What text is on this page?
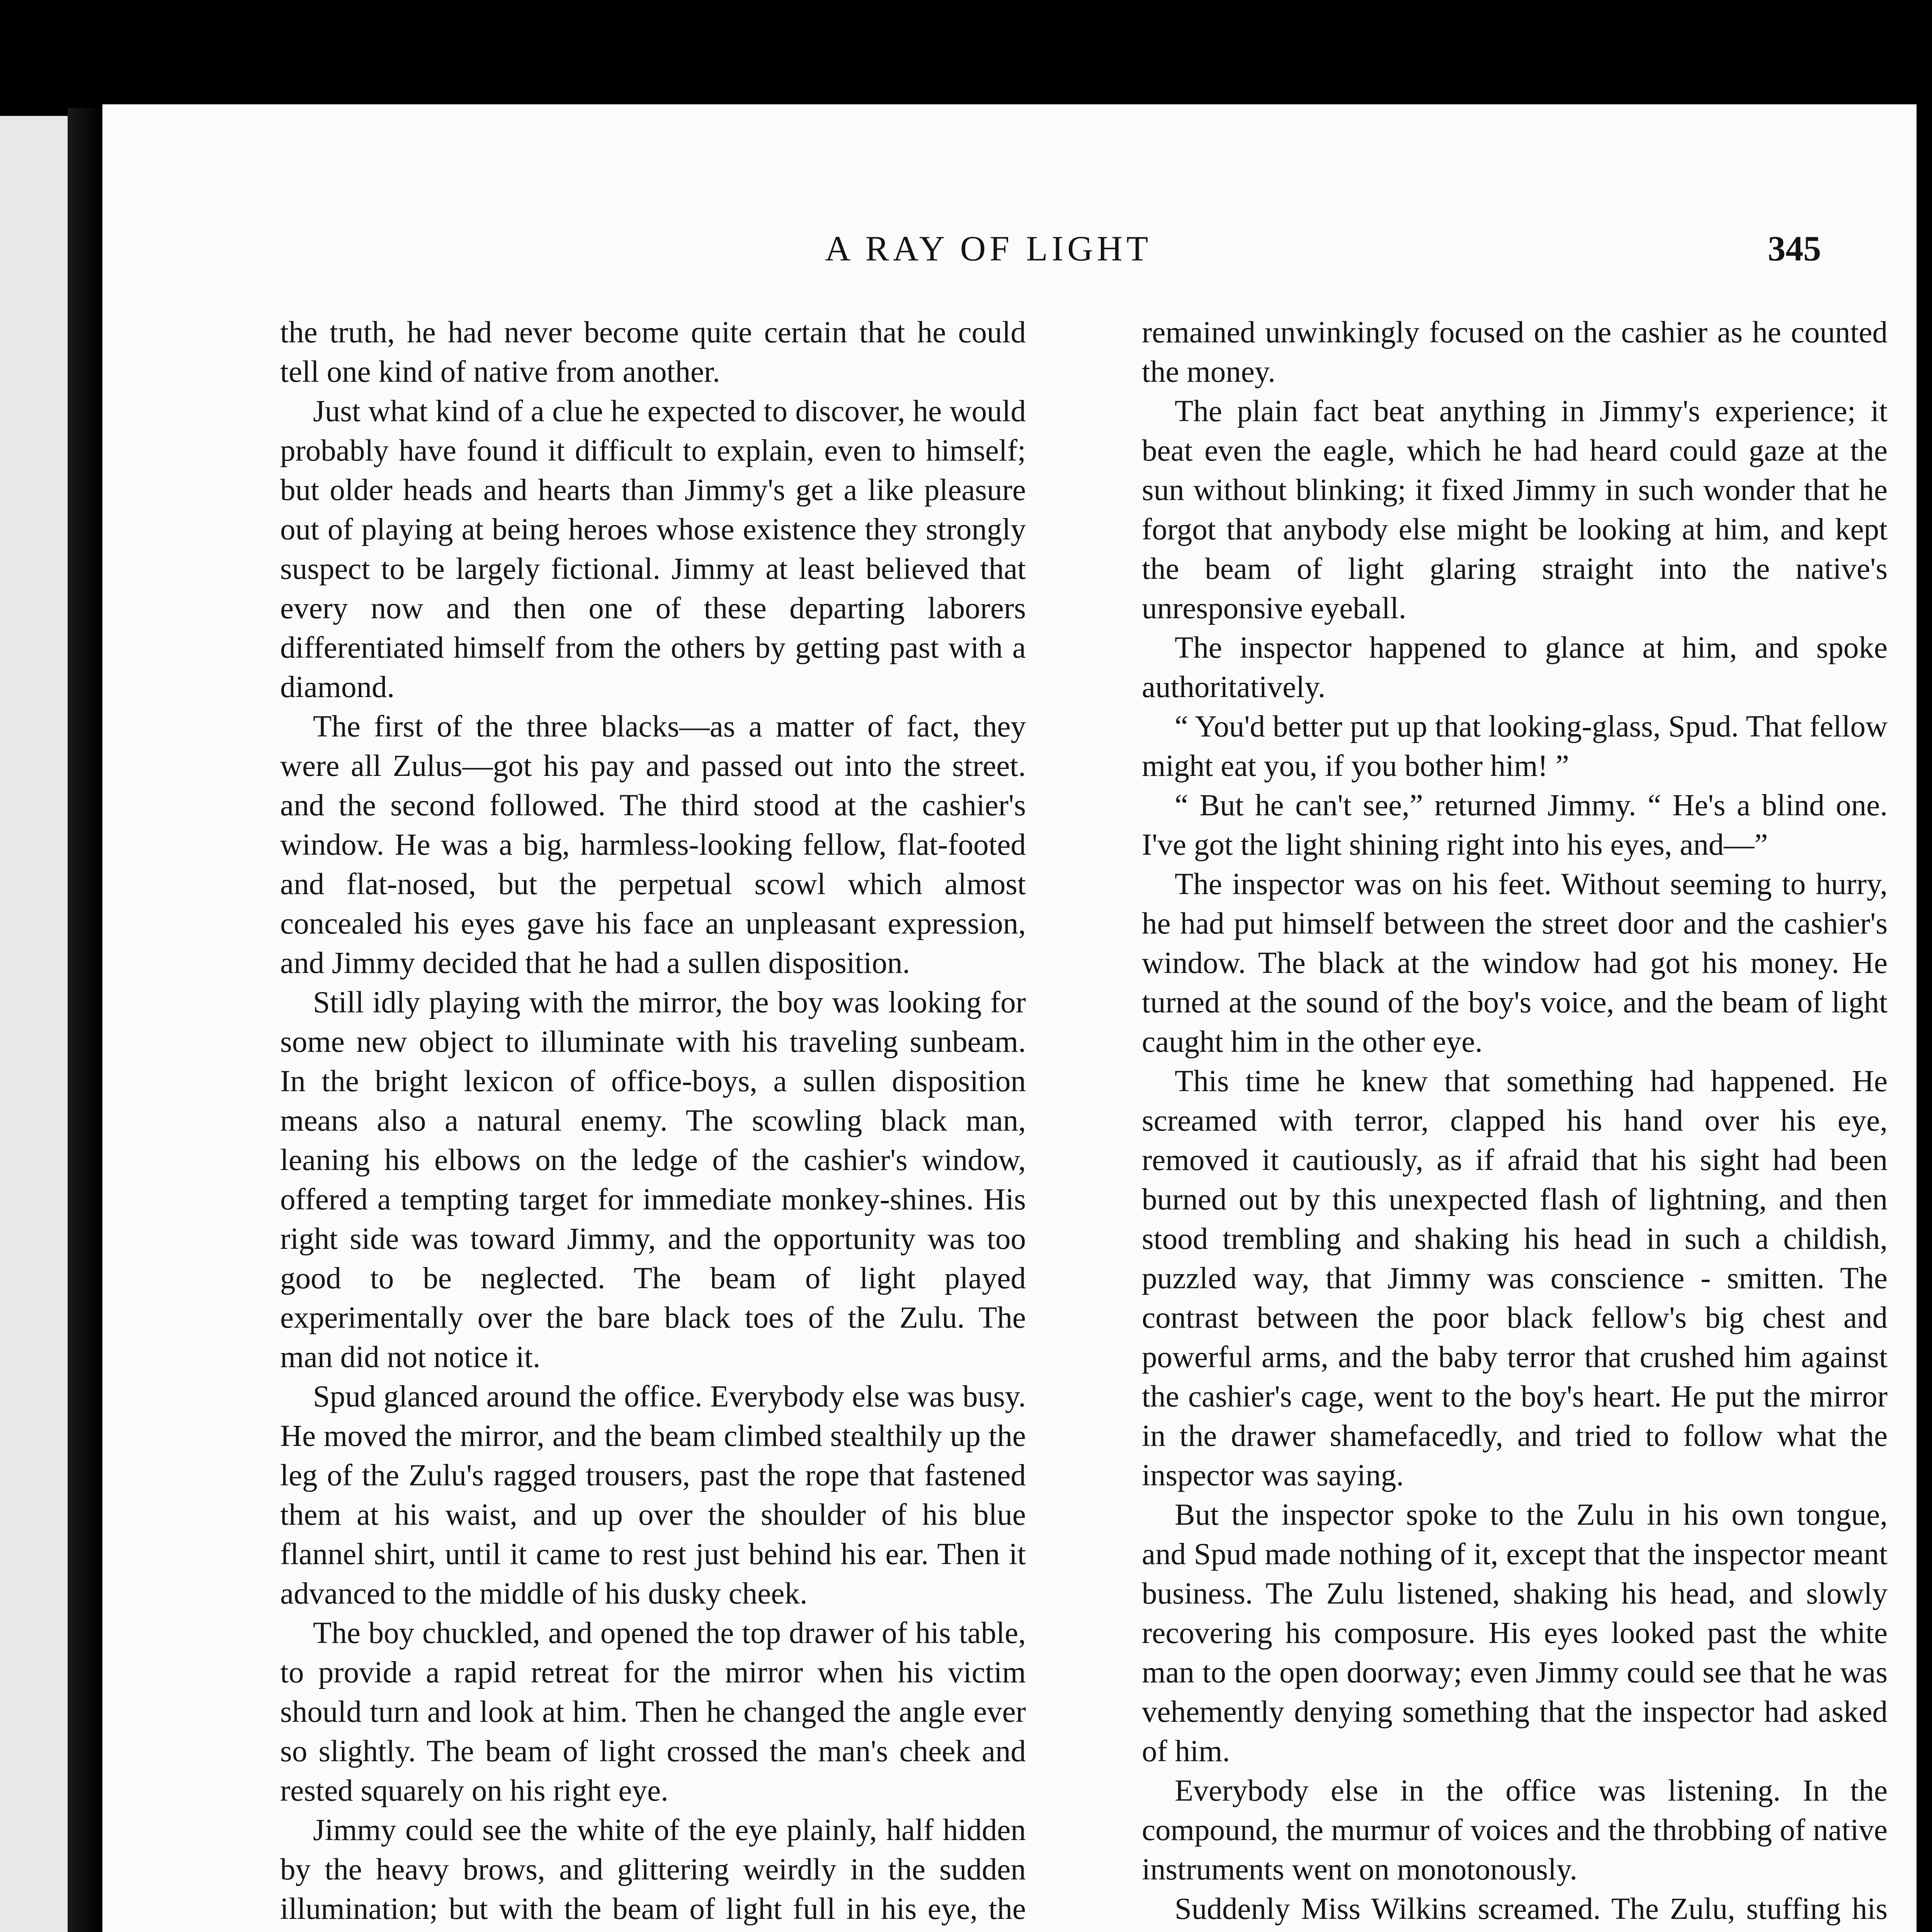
A RAY OF LIGHT	345

the truth, he had never become quite certain that he could tell one kind of native from another.

Just what kind of a clue he expected to discover, he would probably have found it difficult to explain, even to himself; but older heads and hearts than Jimmy's get a like pleasure out of playing at being heroes whose existence they strongly suspect to be largely fictional. Jimmy at least believed that every now and then one of these departing laborers differentiated himself from the others by getting past with a diamond.

The first of the three blacks—as a matter of fact, they were all Zulus—got his pay and passed out into the street. and the second followed. The third stood at the cashier's window. He was a big, harmless-looking fellow, flat-footed and flat-nosed, but the perpetual scowl which almost concealed his eyes gave his face an unpleasant expression, and Jimmy decided that he had a sullen disposition.

Still idly playing with the mirror, the boy was looking for some new object to illuminate with his traveling sunbeam. In the bright lexicon of office-boys, a sullen disposition means also a natural enemy. The scowling black man, leaning his elbows on the ledge of the cashier's window, offered a tempting target for immediate monkey-shines. His right side was toward Jimmy, and the opportunity was too good to be neglected. The beam of light played experimentally over the bare black toes of the Zulu. The man did not notice it.

Spud glanced around the office. Everybody else was busy. He moved the mirror, and the beam climbed stealthily up the leg of the Zulu's ragged trousers, past the rope that fastened them at his waist, and up over the shoulder of his blue flannel shirt, until it came to rest just behind his ear. Then it advanced to the middle of his dusky cheek.

The boy chuckled, and opened the top drawer of his table, to provide a rapid retreat for the mirror when his victim should turn and look at him. Then he changed the angle ever so slightly. The beam of light crossed the man's cheek and rested squarely on his right eye.

Jimmy could see the white of the eye plainly, half hidden by the heavy brows, and glittering weirdly in the sudden illumination; but with the beam of light full in his eye, the

remained unwinkingly focused on the cashier as he counted the money.

The plain fact beat anything in Jimmy's experience; it beat even the eagle, which he had heard could gaze at the sun without blinking; it fixed Jimmy in such wonder that he forgot that anybody else might be looking at him, and kept the beam of light glaring straight into the native's unresponsive eyeball.

The inspector happened to glance at him, and spoke authoritatively.

“ You'd better put up that looking-glass, Spud. That fellow might eat you, if you bother him! ”

“ But he can't see,” returned Jimmy. “ He's a blind one. I've got the light shining right into his eyes, and—”

The inspector was on his feet. Without seeming to hurry, he had put himself between the street door and the cashier's window. The black at the window had got his money. He turned at the sound of the boy's voice, and the beam of light caught him in the other eye.

This time he knew that something had happened. He screamed with terror, clapped his hand over his eye, removed it cautiously, as if afraid that his sight had been burned out by this unexpected flash of lightning, and then stood trembling and shaking his head in such a childish, puzzled way, that Jimmy was conscience - smitten. The contrast between the poor black fellow's big chest and powerful arms, and the baby terror that crushed him against the cashier's cage, went to the boy's heart. He put the mirror in the drawer shamefacedly, and tried to follow what the inspector was saying.

But the inspector spoke to the Zulu in his own tongue, and Spud made nothing of it, except that the inspector meant business. The Zulu listened, shaking his head, and slowly recovering his composure. His eyes looked past the white man to the open doorway; even Jimmy could see that he was vehemently denying something that the inspector had asked of him.

Everybody else in the office was listening. In the compound, the murmur of voices and the throbbing of native instruments went on monotonously.

Suddenly Miss Wilkins screamed. The Zulu, stuffing his
